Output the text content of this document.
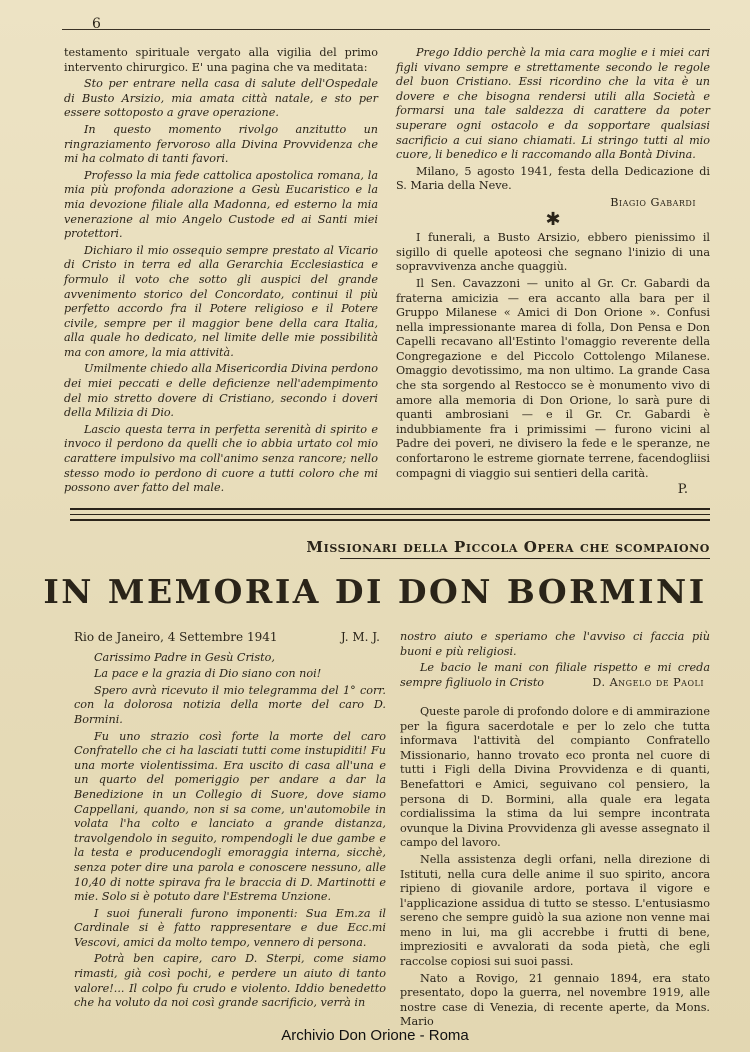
6

testamento spirituale vergato alla vigilia del primo intervento chirurgico. E' una pagina che va meditata:

Sto per entrare nella casa di salute dell'Ospedale di Busto Arsizio, mia amata città natale, e sto per essere sottoposto a grave operazione.

In questo momento rivolgo anzitutto un ringraziamento fervoroso alla Divina Provvidenza che mi ha colmato di tanti favori.

Professo la mia fede cattolica apostolica romana, la mia più profonda adorazione a Gesù Eucaristico e la mia devozione filiale alla Madonna, ed esterno la mia venerazione al mio Angelo Custode ed ai Santi miei protettori.

Dichiaro il mio ossequio sempre prestato al Vicario di Cristo in terra ed alla Gerarchia Ecclesiastica e formulo il voto che sotto gli auspici del grande avvenimento storico del Concordato, continui il più perfetto accordo fra il Potere religioso e il Potere civile, sempre per il maggior bene della cara Italia, alla quale ho dedicato, nel limite delle mie possibilità ma con amore, la mia attività.

Umilmente chiedo alla Misericordia Divina perdono dei miei peccati e delle deficienze nell'adempimento del mio stretto dovere di Cristiano, secondo i doveri della Milizia di Dio.

Lascio questa terra in perfetta serenità di spirito e invoco il perdono da quelli che io abbia urtato col mio carattere impulsivo ma coll'animo senza rancore; nello stesso modo io perdono di cuore a tutti coloro che mi possono aver fatto del male.

Prego Iddio perchè la mia cara moglie e i miei cari figli vivano sempre e strettamente secondo le regole del buon Cristiano. Essi ricordino che la vita è un dovere e che bisogna rendersi utili alla Società e formarsi una tale saldezza di carattere da poter superare ogni ostacolo e da sopportare qualsiasi sacrificio a cui siano chiamati. Li stringo tutti al mio cuore, li benedico e li raccomando alla Bontà Divina.

Milano, 5 agosto 1941, festa della Dedicazione di S. Maria della Neve.

Biagio Gabardi
✱

I funerali, a Busto Arsizio, ebbero pienissimo il sigillo di quelle apoteosi che segnano l'inizio di una sopravvivenza anche quaggiù.

Il Sen. Cavazzoni — unito al Gr. Cr. Gabardi da fraterna amicizia — era accanto alla bara per il Gruppo Milanese « Amici di Don Orione ». Confusi nella impressionante marea di folla, Don Pensa e Don Capelli recavano all'Estinto l'omaggio reverente della Congregazione e del Piccolo Cottolengo Milanese. Omaggio devotissimo, ma non ultimo. La grande Casa che sta sorgendo al Restocco se è monumento vivo di amore alla memoria di Don Orione, lo sarà pure di quanti ambrosiani — e il Gr. Cr. Gabardi è indubbiamente fra i primissimi — furono vicini al Padre dei poveri, ne divisero la fede e le speranze, ne confortarono le estreme giornate terrene, facendogliisi compagni di viaggio sui sentieri della carità.

P.
Missionari della Piccola Opera che scompaiono
IN MEMORIA DI DON BORMINI
Rio de Janeiro, 4 Settembre 1941	J. M. J.

Carissimo Padre in Gesù Cristo,

La pace e la grazia di Dio siano con noi!

Spero avrà ricevuto il mio telegramma del 1° corr. con la dolorosa notizia della morte del caro D. Bormini.

Fu uno strazio così forte la morte del caro Confratello che ci ha lasciati tutti come instupiditi! Fu una morte violentissima. Era uscito di casa all'una e un quarto del pomeriggio per andare a dar la Benedizione in un Collegio di Suore, dove siamo Cappellani, quando, non si sa come, un'automobile in volata l'ha colto e lanciato a grande distanza, travolgendolo in seguito, rompendogli le due gambe e la testa e producendogli emoraggia interna, sicchè, senza poter dire una parola e conoscere nessuno, alle 10,40 di notte spirava fra le braccia di D. Martinotti e mie. Solo si è potuto dare l'Estrema Unzione.

I suoi funerali furono imponenti: Sua Em.za il Cardinale si è fatto rappresentare e due Ecc.mi Vescovi, amici da molto tempo, vennero di persona.

Potrà ben capire, caro D. Sterpi, come siamo rimasti, già così pochi, e perdere un aiuto di tanto valore!... Il colpo fu crudo e violento. Iddio benedetto che ha voluto da noi così grande sacrificio, verrà in

nostro aiuto e speriamo che l'avviso ci faccia più buoni e più religiosi.

Le bacio le mani con filiale rispetto e mi creda sempre figliuolo in Cristo	D. Angelo de Paoli

Queste parole di profondo dolore e di ammirazione per la figura sacerdotale e per lo zelo che tutta informava l'attività del compianto Confratello Missionario, hanno trovato eco pronta nel cuore di tutti i Figli della Divina Provvidenza e di quanti, Benefattori e Amici, seguivano col pensiero, la persona di D. Bormini, alla quale era legata cordialissima la stima da lui sempre incontrata ovunque la Divina Provvidenza gli avesse assegnato il campo del lavoro.

Nella assistenza degli orfani, nella direzione di Istituti, nella cura delle anime il suo spirito, ancora ripieno di giovanile ardore, portava il vigore e l'applicazione assidua di tutto se stesso. L'entusiasmo sereno che sempre guidò la sua azione non venne mai meno in lui, ma gli accrebbe i frutti di bene, impreziositi e avvalorati da soda pietà, che egli raccolse copiosi sui suoi passi.

Nato a Rovigo, 21 gennaio 1894, era stato presentato, dopo la guerra, nel novembre 1919, alle nostre case di Venezia, di recente aperte, da Mons. Mario

Archivio Don Orione - Roma
